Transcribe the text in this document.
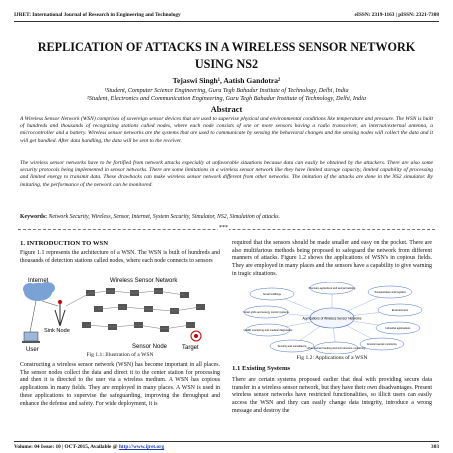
IJRET: International Journal of Research in Engineering and Technology	eISSN: 2319-1163 | pISSN: 2321-7308
REPLICATION OF ATTACKS IN A WIRELESS SENSOR NETWORK
USING NS2
Tejaswi Singh¹, Aatish Gandotra²
¹Student, Computer Science Engineering, Guru Tegh Bahadur Institute of Technology, Delhi, India
²Student, Electronics and Communication Engineering, Guru Tegh Bahadur Institute of Technology, Delhi, India
Abstract
A Wireless Sensor Network (WSN) comprises of sovereign sensor devices that are used to supervise physical and environmental conditions like temperature and pressure. The WSN is built of hundreds and thousands of recognizing stations called nodes, where each node consists of one or more sensors having a radio transceiver, an internal/external antenna, a microcontroller and a battery. Wireless sensor networks are the systems that are used to communicate by sensing the behavioral changes and the sensing nodes will collect the data and it will get handled. After data handling, the data will be sent to the receiver.
The wireless sensor networks have to be fortified from network attacks especially at unfavorable situations because data can easily be obtained by the attackers. There are also some security protocols being implemented in sensor networks. There are some limitations in a wireless sensor network like they have limited storage capacity, limited capability of processing and limited energy to transmit data. These drawbacks can make wireless sensor network different from other networks. The imitation of the attacks are done in the NS2 simulator. By imitating, the performance of the network can be monitored.
Keywords: Network Security, Wireless, Sensor, Internet, System Security, Simulator, NS2, Simulation of attacks.
***
1. INTRODUCTION TO WSN
Figure 1.1 represents the architecture of a WSN. The WSN is built of hundreds and thousands of detection stations called nodes, where each node connects to sensors
Internet
Sink Node
User
Wireless Sensor Network
Sensor Node Target
Fig 1.1: Illustration of a WSN
Constructing a wireless sensor network (WSN) has become important in all places. The sensor nodes collect the data and direct it to the center station for processing and then it is directed to the user via a wireless medium. A WSN has copious applications in many fields. They are employed in many places. A WSN is used in these applications to supervise the safeguarding, improving the throughput and enhance the defense and safety. For wide deployment, it is
required that the sensors should be made smaller and easy on the pocket. There are also multifarious methods being proposed to safeguard the network from different manners of attacks. Figure 1.2 shows the applications of WSN's in copious fields. They are employed in many places and the sensors have a capability to give warning in tragic situations.
Applications of Wireless Sensor Networks
Precision agriculture and animal tracking
Transportation and logistics
Smart buildings
Entertainment
Smart grids and energy control systems
Industrial applications
Health monitoring and medical diagnostics
Environmental monitoring
Security and surveillance
Urban terrain tracking and civil structure monitoring
Fig 1.2: Applications of a WSN
1.1 Existing Systems
There are certain systems proposed earlier that deal with providing secure data transfer in a wireless sensor network, but they have their own disadvantages. Present wireless sensor networks have restricted functionalities, so illicit users can easily access the WSN and they can easily change data integrity, introduce a wrong message and destroy the
Volume: 04 Issue: 10 | OCT-2015, Available @ http://www.ijret.org	303
